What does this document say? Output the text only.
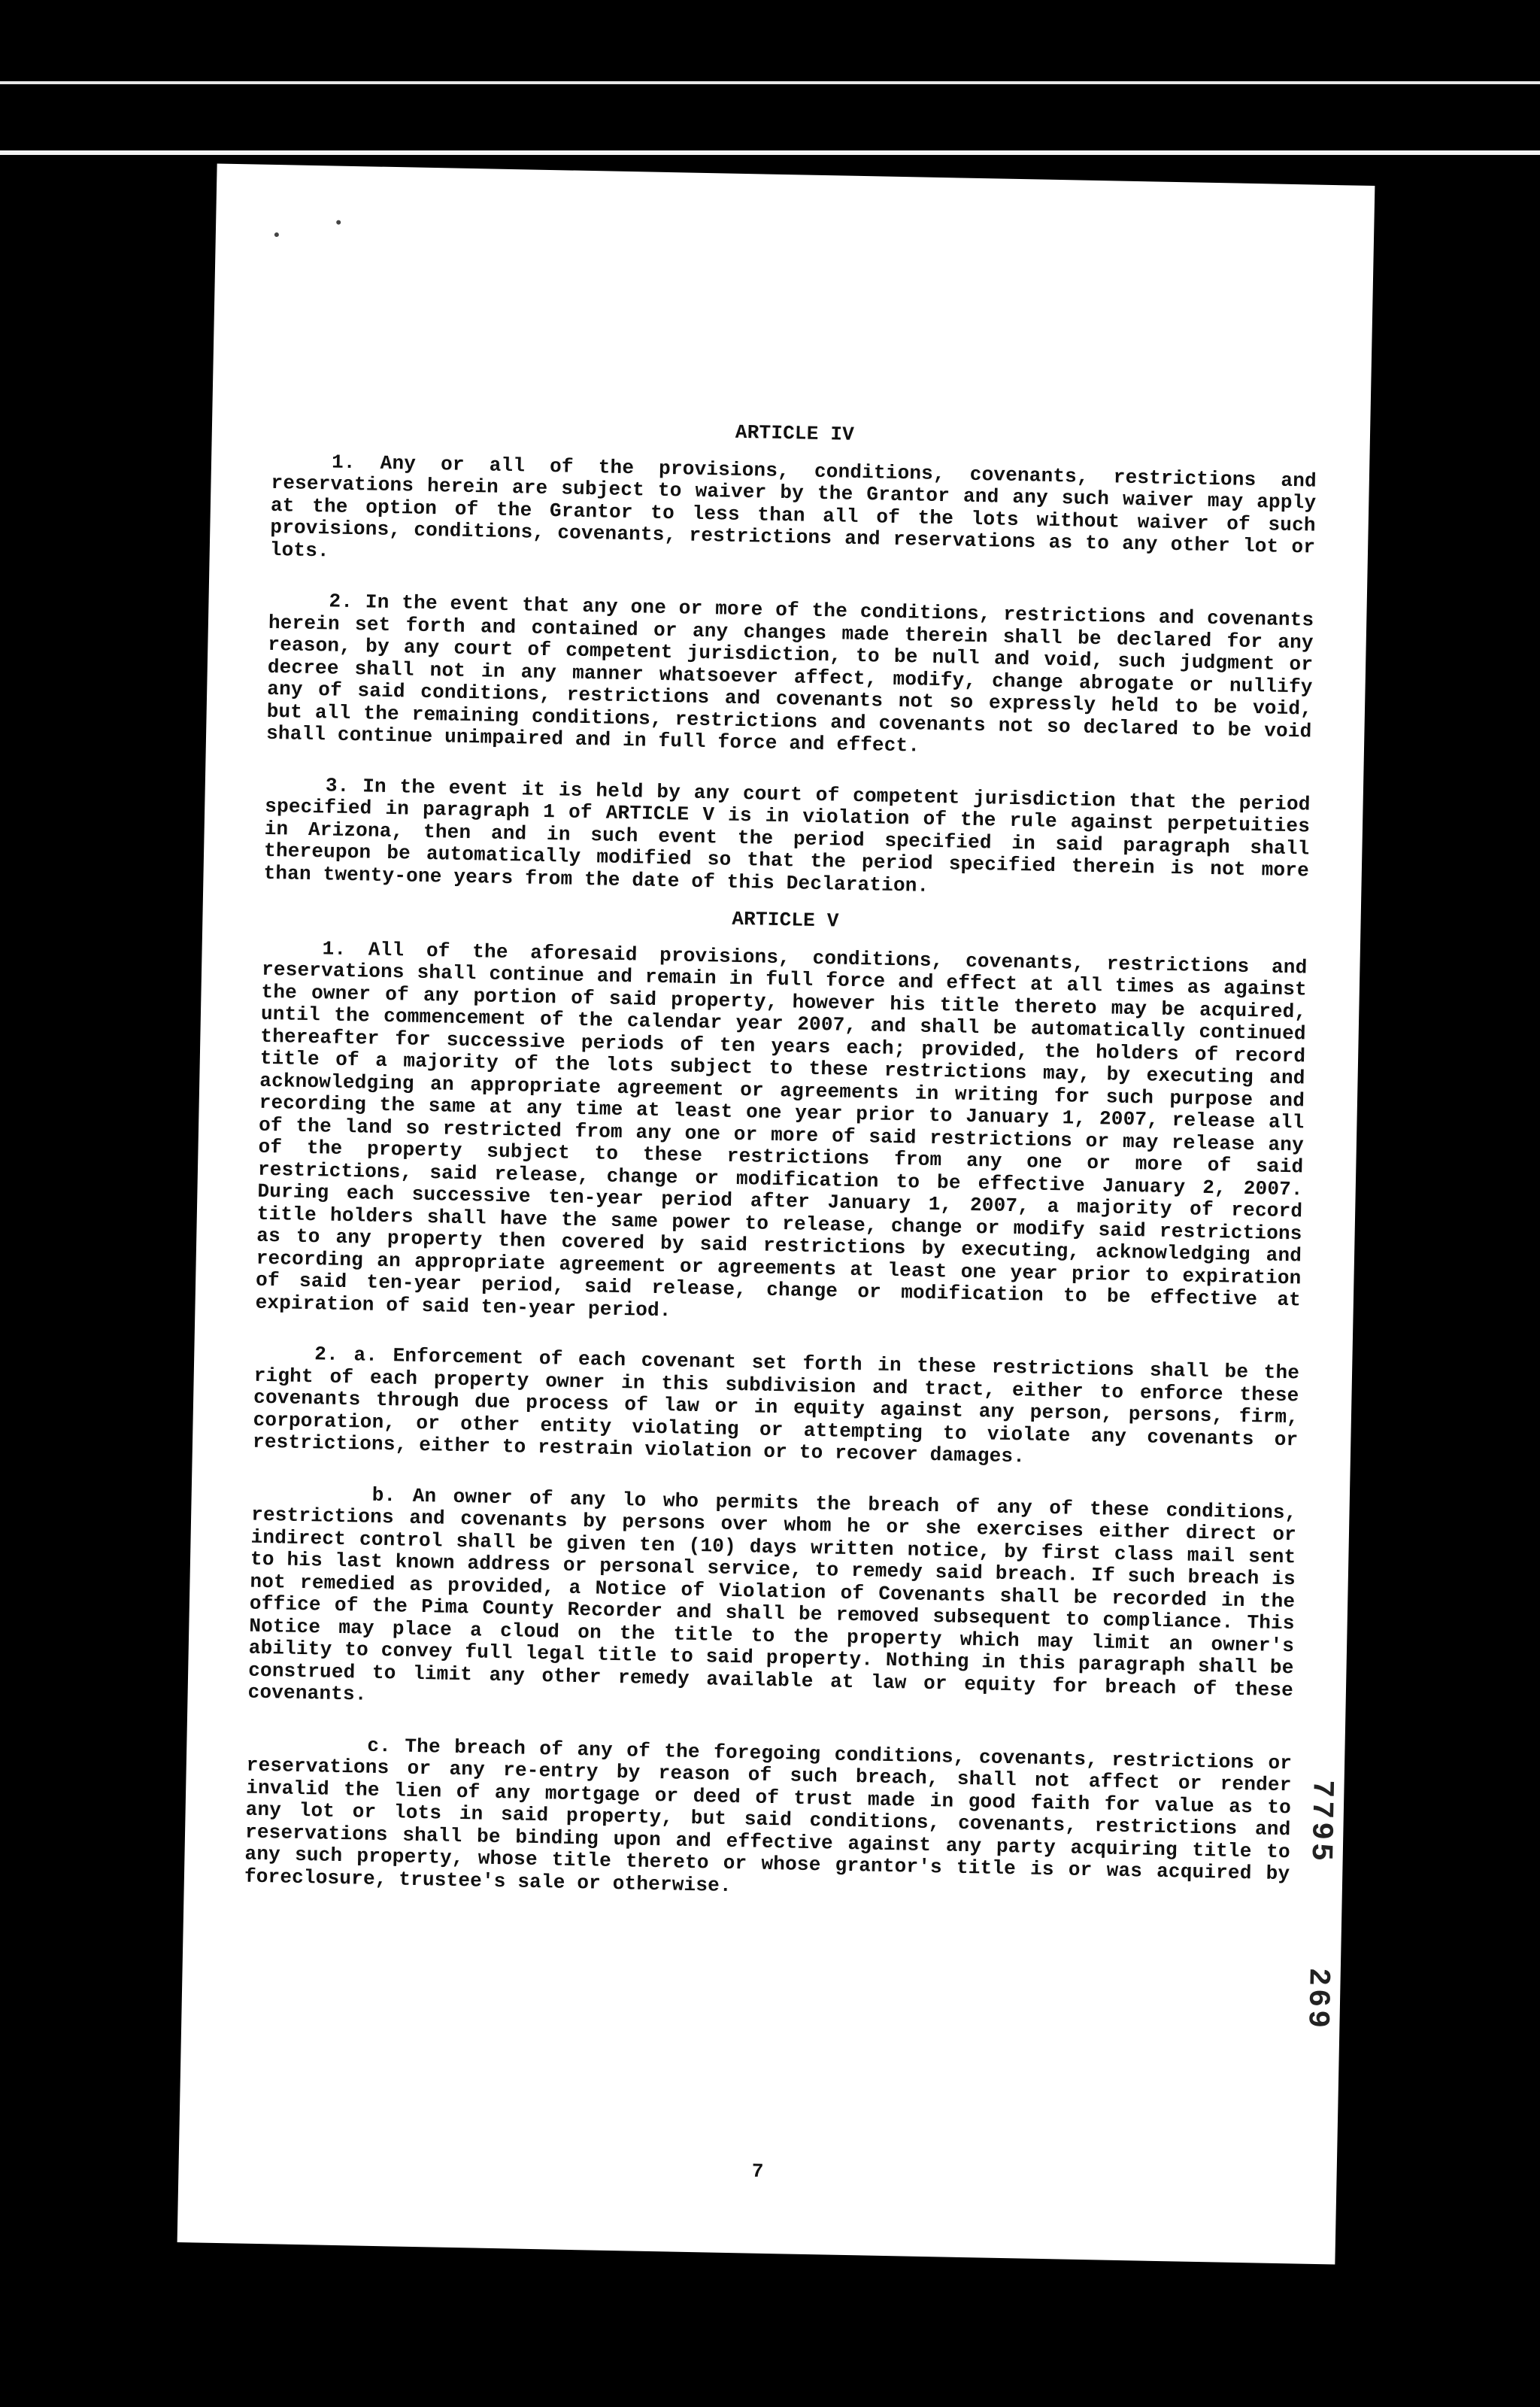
ARTICLE IV

1. Any or all of the provisions, conditions, covenants, restrictions and reservations herein are subject to waiver by the Grantor and any such waiver may apply at the option of the Grantor to less than all of the lots without waiver of such provisions, conditions, covenants, restrictions and reservations as to any other lot or lots.

2. In the event that any one or more of the conditions, restrictions and covenants herein set forth and contained or any changes made therein shall be declared for any reason, by any court of competent jurisdiction, to be null and void, such judgment or decree shall not in any manner whatsoever affect, modify, change abrogate or nullify any of said conditions, restrictions and covenants not so expressly held to be void, but all the remaining conditions, restrictions and covenants not so declared to be void shall continue unimpaired and in full force and effect.

3. In the event it is held by any court of competent jurisdiction that the period specified in paragraph 1 of ARTICLE V is in violation of the rule against perpetuities in Arizona, then and in such event the period specified in said paragraph shall thereupon be automatically modified so that the period specified therein is not more than twenty-one years from the date of this Declaration.

ARTICLE V

1. All of the aforesaid provisions, conditions, covenants, restrictions and reservations shall continue and remain in full force and effect at all times as against the owner of any portion of said property, however his title thereto may be acquired, until the commencement of the calendar year 2007, and shall be automatically continued thereafter for successive periods of ten years each; provided, the holders of record title of a majority of the lots subject to these restrictions may, by executing and acknowledging an appropriate agreement or agreements in writing for such purpose and recording the same at any time at least one year prior to January 1, 2007, release all of the land so restricted from any one or more of said restrictions or may release any of the property subject to these restrictions from any one or more of said restrictions, said release, change or modification to be effective January 2, 2007. During each successive ten-year period after January 1, 2007, a majority of record title holders shall have the same power to release, change or modify said restrictions as to any property then covered by said restrictions by executing, acknowledging and recording an appropriate agreement or agreements at least one year prior to expiration of said ten-year period, said release, change or modification to be effective at expiration of said ten-year period.

2. a. Enforcement of each covenant set forth in these restrictions shall be the right of each property owner in this subdivision and tract, either to enforce these covenants through due process of law or in equity against any person, persons, firm, corporation, or other entity violating or attempting to violate any covenants or restrictions, either to restrain violation or to recover damages.

b. An owner of any lo who permits the breach of any of these conditions, restrictions and covenants by persons over whom he or she exercises either direct or indirect control shall be given ten (10) days written notice, by first class mail sent to his last known address or personal service, to remedy said breach. If such breach is not remedied as provided, a Notice of Violation of Covenants shall be recorded in the office of the Pima County Recorder and shall be removed subsequent to compliance. This Notice may place a cloud on the title to the property which may limit an owner's ability to convey full legal title to said property. Nothing in this paragraph shall be construed to limit any other remedy available at law or equity for breach of these covenants.

c. The breach of any of the foregoing conditions, covenants, restrictions or reservations or any re-entry by reason of such breach, shall not affect or render invalid the lien of any mortgage or deed of trust made in good faith for value as to any lot or lots in said property, but said conditions, covenants, restrictions and reservations shall be binding upon and effective against any party acquiring title to any such property, whose title thereto or whose grantor's title is or was acquired by foreclosure, trustee's sale or otherwise.

7
7795
269
